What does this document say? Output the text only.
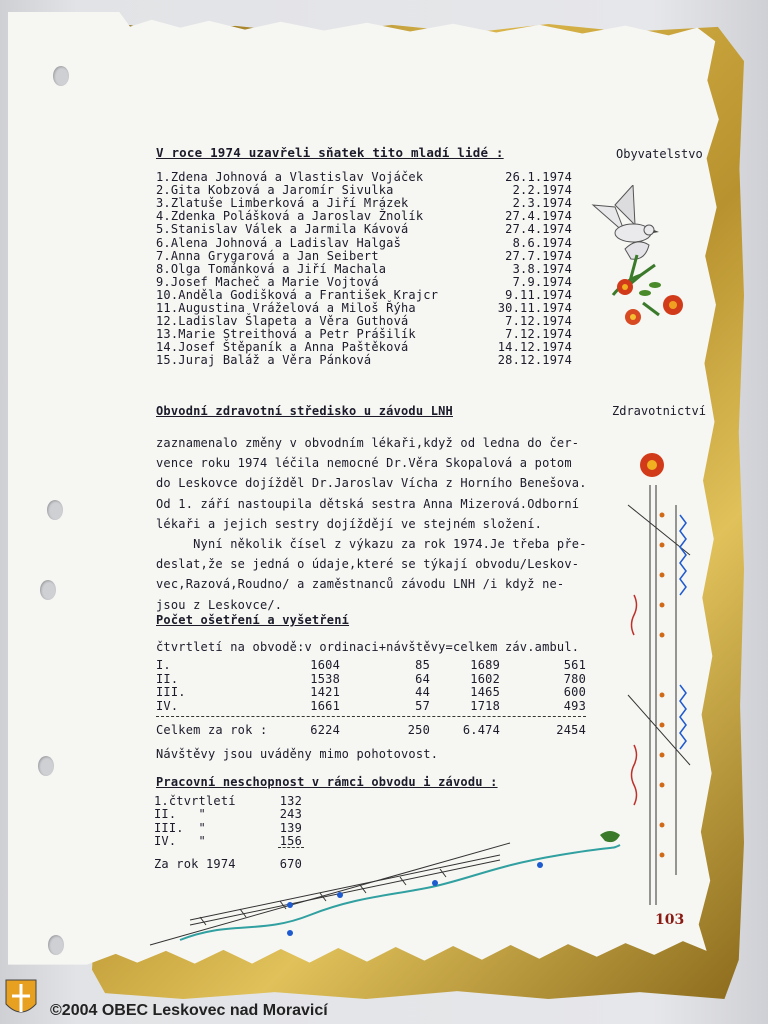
V roce 1974 uzavřeli sňatek tito mladí lidé :	Obyvatelstvo
1.Zdena Johnová a Vlastislav Vojáček	26.1.1974
2.Gita Kobzová a Jaromír Sivulka	2.2.1974
3.Zlatuše Limberková a Jiří Mrázek	2.3.1974
4.Zdenka Polášková a Jaroslav Žnolík	27.4.1974
5.Stanislav Válek a Jarmila Kávová	27.4.1974
6.Alena Johnová a Ladislav Halgaš	8.6.1974
7.Anna Grygarová a Jan Seibert	27.7.1974
8.Olga Tománková a Jiří Machala	3.8.1974
9.Josef Macheč a Marie Vojtová	7.9.1974
10.Anděla Godišková a František Krajcr	9.11.1974
11.Augustina Vráželová a Miloš Řýha	30.11.1974
12.Ladislav Šlapeta a Věra Guthová	7.12.1974
13.Marie Streithová a Petr Prášilík	7.12.1974
14.Josef Štěpaník a Anna Paštěková	14.12.1974
15.Juraj Baláž a Věra Pánková	28.12.1974
Obvodní zdravotní středisko u závodu LNH	Zdravotnictví
zaznamenalo změny v obvodním lékaři,když od ledna do čer-
vence roku 1974 léčila nemocné Dr.Věra Skopalová a potom
do Leskovce dojížděl Dr.Jaroslav Vícha z Horního Benešova.
Od 1. září nastoupila dětská sestra Anna Mizerová.Odborní
lékaři a jejich sestry dojíždějí ve stejném složení.
Nyní několik čísel z výkazu za rok 1974.Je třeba pře-
deslat,že se jedná o údaje,které se týkají obvodu/Leskov-
vec,Razová,Roudno/ a zaměstnanců závodu LNH /i když ne-
jsou z Leskovce/.
Počet ošetření a vyšetření
čtvrtletí na obvodě:v ordinaci+návštěvy=celkem záv.ambul.
I.	1604	85	1689	561
II.	1538	64	1602	780
III.	1421	44	1465	600
IV.	1661	57	1718	493
Celkem za rok :	6224	250	6.474	2454
Návštěvy jsou uváděny mimo pohotovost.
Pracovní neschopnost v rámci obvodu i závodu :
1.čtvrtletí	132
II.   "	243
III.  "	139
IV.   "	156
Za rok 1974	670
103
©2004 OBEC Leskovec nad Moravicí
